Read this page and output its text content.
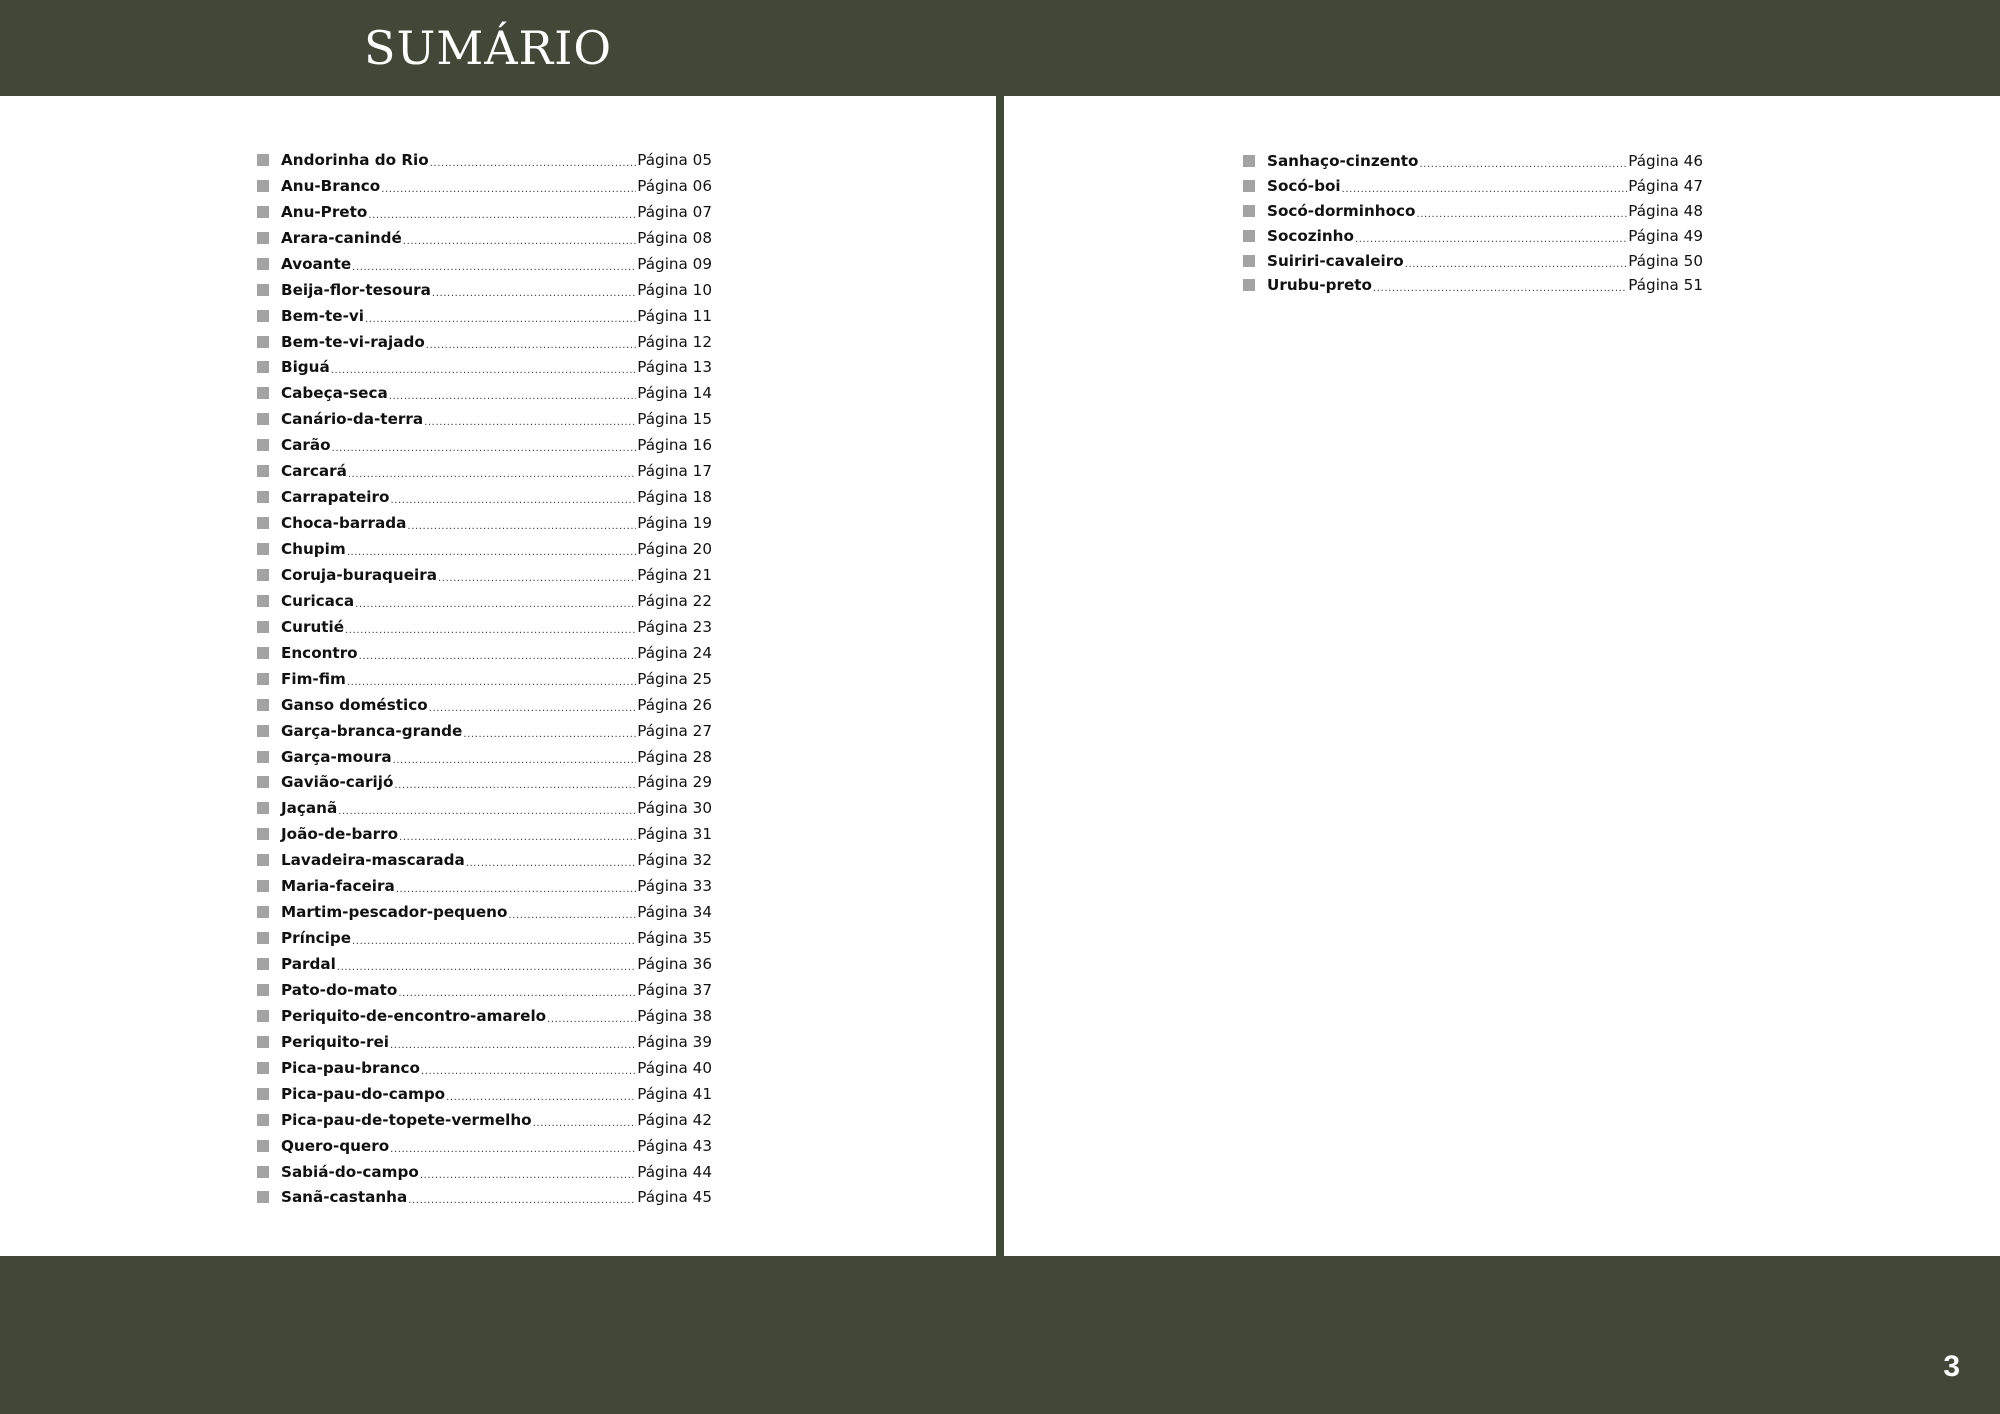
SUMÁRIO
Andorinha do Rio .....	Página 05
Anu-Branco .....	Página 06
Anu-Preto .....	Página 07
Arara-canindé .....	Página 08
Avoante .....	Página 09
Beija-flor-tesoura .....	Página 10
Bem-te-vi .....	Página 11
Bem-te-vi-rajado .....	Página 12
Biguá .....	Página 13
Cabeça-seca .....	Página 14
Canário-da-terra .....	Página 15
Carão .....	Página 16
Carcará .....	Página 17
Carrapateiro .....	Página 18
Choca-barrada .....	Página 19
Chupim .....	Página 20
Coruja-buraqueira .....	Página 21
Curicaca .....	Página 22
Curutié .....	Página 23
Encontro .....	Página 24
Fim-fim .....	Página 25
Ganso doméstico .....	Página 26
Garça-branca-grande .....	Página 27
Garça-moura .....	Página 28
Gavião-carijó .....	Página 29
Jaçanã .....	Página 30
João-de-barro .....	Página 31
Lavadeira-mascarada .....	Página 32
Maria-faceira .....	Página 33
Martim-pescador-pequeno .....	Página 34
Príncipe .....	Página 35
Pardal .....	Página 36
Pato-do-mato .....	Página 37
Periquito-de-encontro-amarelo .....	Página 38
Periquito-rei .....	Página 39
Pica-pau-branco .....	Página 40
Pica-pau-do-campo .....	Página 41
Pica-pau-de-topete-vermelho .....	Página 42
Quero-quero .....	Página 43
Sabiá-do-campo .....	Página 44
Sanã-castanha .....	Página 45
Sanhaço-cinzento .....	Página 46
Socó-boi .....	Página 47
Socó-dorminhoco .....	Página 48
Socozinho .....	Página 49
Suiriri-cavaleiro .....	Página 50
Urubu-preto .....	Página 51
3
